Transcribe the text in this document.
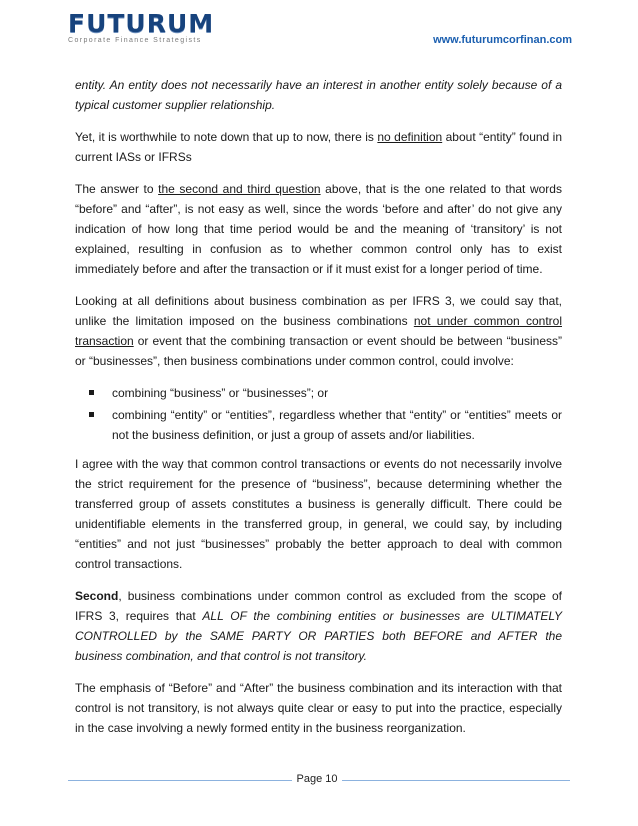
FUTURUM
Corporate Finance Strategists	www.futurumcorfinan.com

entity. An entity does not necessarily have an interest in another entity solely because of a typical customer supplier relationship.

Yet, it is worthwhile to note down that up to now, there is no definition about “entity” found in current IASs or IFRSs

The answer to the second and third question above, that is the one related to that words “before” and “after”, is not easy as well, since the words ‘before and after’ do not give any indication of how long that time period would be and the meaning of ‘transitory’ is not explained, resulting in confusion as to whether common control only has to exist immediately before and after the transaction or if it must exist for a longer period of time.

Looking at all definitions about business combination as per IFRS 3, we could say that, unlike the limitation imposed on the business combinations not under common control transaction or event that the combining transaction or event should be between “business” or “businesses”, then business combinations under common control, could involve:

combining “business” or “businesses”; or
combining “entity” or “entities”, regardless whether that “entity” or “entities” meets or not the business definition, or just a group of assets and/or liabilities.

I agree with the way that common control transactions or events do not necessarily involve the strict requirement for the presence of “business”, because determining whether the transferred group of assets constitutes a business is generally difficult. There could be unidentifiable elements in the transferred group, in general, we could say, by including “entities” and not just “businesses” probably the better approach to deal with common control transactions.

Second, business combinations under common control as excluded from the scope of IFRS 3, requires that ALL OF the combining entities or businesses are ULTIMATELY CONTROLLED by the SAME PARTY OR PARTIES both BEFORE and AFTER the business combination, and that control is not transitory.

The emphasis of “Before” and “After” the business combination and its interaction with that control is not transitory, is not always quite clear or easy to put into the practice, especially in the case involving a newly formed entity in the business reorganization.

Page 10
